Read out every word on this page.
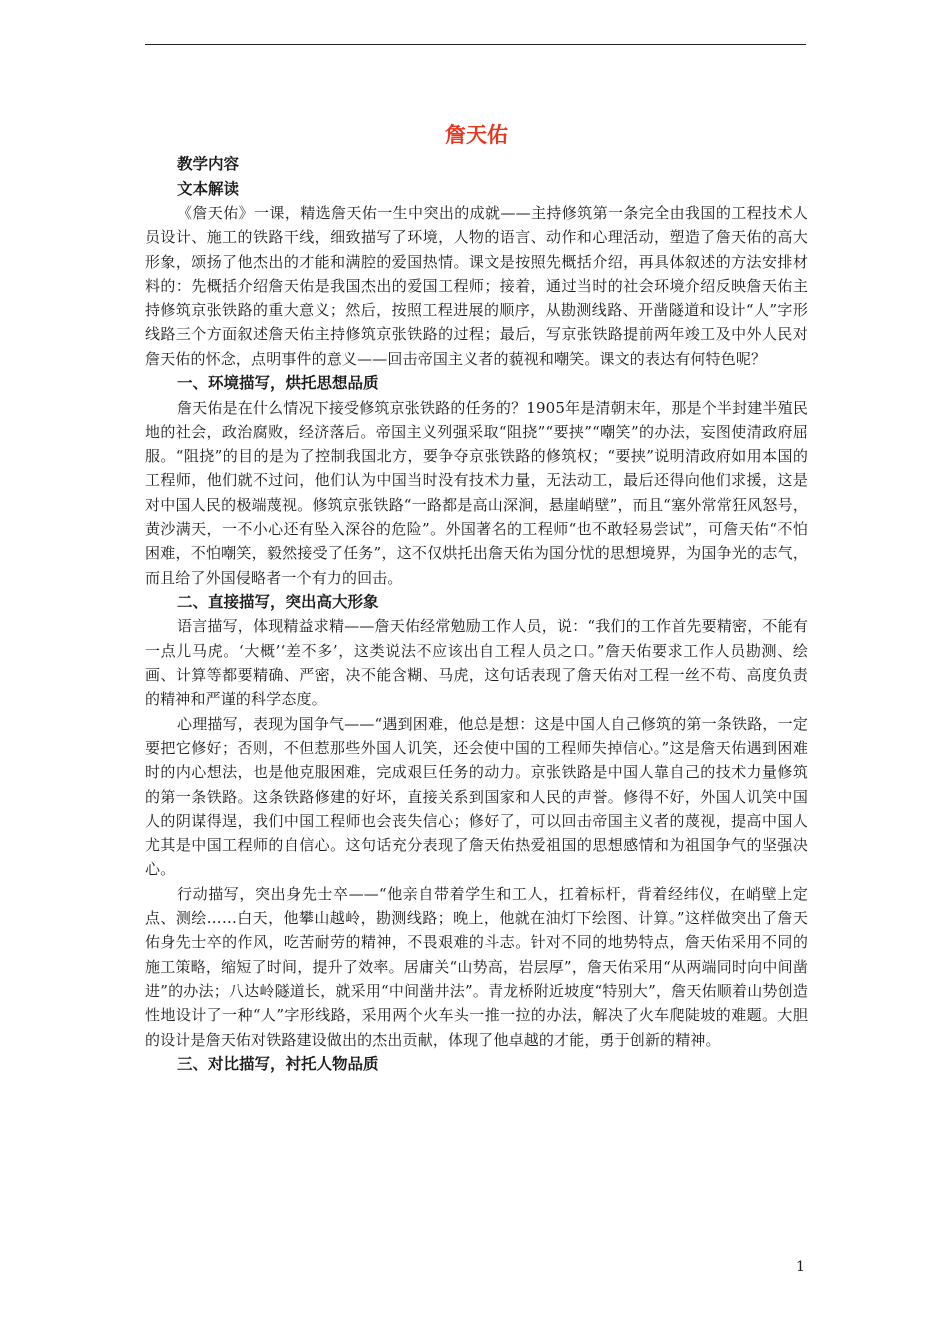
詹天佑

教学内容

文本解读

《詹天佑》一课，精选詹天佑一生中突出的成就——主持修筑第一条完全由我国的工程技术人员设计、施工的铁路干线，细致描写了环境，人物的语言、动作和心理活动，塑造了詹天佑的高大形象，颂扬了他杰出的才能和满腔的爱国热情。课文是按照先概括介绍，再具体叙述的方法安排材料的：先概括介绍詹天佑是我国杰出的爱国工程师；接着，通过当时的社会环境介绍反映詹天佑主持修筑京张铁路的重大意义；然后，按照工程进展的顺序，从勘测线路、开凿隧道和设计“人”字形线路三个方面叙述詹天佑主持修筑京张铁路的过程；最后，写京张铁路提前两年竣工及中外人民对詹天佑的怀念，点明事件的意义——回击帝国主义者的藐视和嘲笑。课文的表达有何特色呢？

一、环境描写，烘托思想品质

詹天佑是在什么情况下接受修筑京张铁路的任务的？1905年是清朝末年，那是个半封建半殖民地的社会，政治腐败，经济落后。帝国主义列强采取“阻挠”“要挟”“嘲笑”的办法，妄图使清政府屈服。“阻挠”的目的是为了控制我国北方，要争夺京张铁路的修筑权；“要挟”说明清政府如用本国的工程师，他们就不过问，他们认为中国当时没有技术力量，无法动工，最后还得向他们求援，这是对中国人民的极端蔑视。修筑京张铁路“一路都是高山深涧，悬崖峭壁”，而且“塞外常常狂风怒号，黄沙满天，一不小心还有坠入深谷的危险”。外国著名的工程师“也不敢轻易尝试”，可詹天佑“不怕困难，不怕嘲笑，毅然接受了任务”，这不仅烘托出詹天佑为国分忧的思想境界，为国争光的志气，而且给了外国侵略者一个有力的回击。

二、直接描写，突出高大形象

语言描写，体现精益求精——詹天佑经常勉励工作人员，说：“我们的工作首先要精密，不能有一点儿马虎。‘大概’‘差不多’，这类说法不应该出自工程人员之口。”詹天佑要求工作人员勘测、绘画、计算等都要精确、严密，决不能含糊、马虎，这句话表现了詹天佑对工程一丝不苟、高度负责的精神和严谨的科学态度。

心理描写，表现为国争气——“遇到困难，他总是想：这是中国人自己修筑的第一条铁路，一定要把它修好；否则，不但惹那些外国人讥笑，还会使中国的工程师失掉信心。”这是詹天佑遇到困难时的内心想法，也是他克服困难，完成艰巨任务的动力。京张铁路是中国人靠自己的技术力量修筑的第一条铁路。这条铁路修建的好坏，直接关系到国家和人民的声誉。修得不好，外国人讥笑中国人的阴谋得逞，我们中国工程师也会丧失信心；修好了，可以回击帝国主义者的蔑视，提高中国人尤其是中国工程师的自信心。这句话充分表现了詹天佑热爱祖国的思想感情和为祖国争气的坚强决心。

行动描写，突出身先士卒——“他亲自带着学生和工人，扛着标杆，背着经纬仪，在峭壁上定点、测绘……白天，他攀山越岭，勘测线路；晚上，他就在油灯下绘图、计算。”这样做突出了詹天佑身先士卒的作风，吃苦耐劳的精神，不畏艰难的斗志。针对不同的地势特点，詹天佑采用不同的施工策略，缩短了时间，提升了效率。居庸关“山势高，岩层厚”，詹天佑采用“从两端同时向中间凿进”的办法；八达岭隧道长，就采用“中间凿井法”。青龙桥附近坡度“特别大”，詹天佑顺着山势创造性地设计了一种“人”字形线路，采用两个火车头一推一拉的办法，解决了火车爬陡坡的难题。大胆的设计是詹天佑对铁路建设做出的杰出贡献，体现了他卓越的才能，勇于创新的精神。

三、对比描写，衬托人物品质

1
